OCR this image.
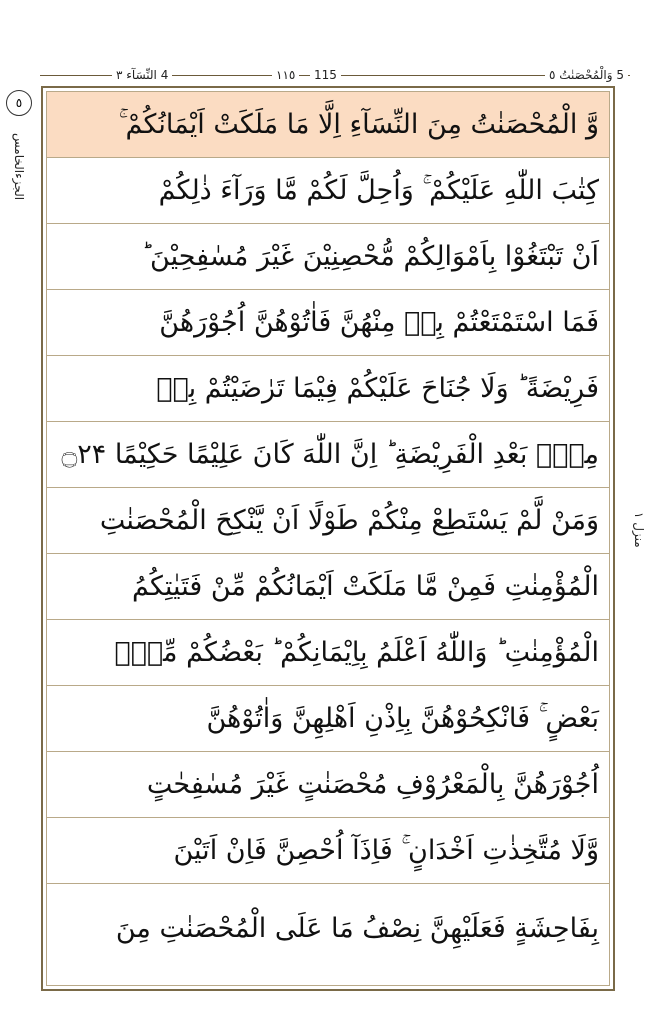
5 وَالْمُحْصَنٰتُ ٥
١١٥	115
4 النِّسَآء ٣
٥
الجزءالخامس
منزل ١
وَّ الْمُحْصَنٰتُ مِنَ النِّسَآءِ اِلَّا مَا مَلَكَتْ اَيْمَانُكُمْ ۚ
كِتٰبَ اللّٰهِ عَلَيْكُمْ ۚ وَاُحِلَّ لَكُمْ مَّا وَرَآءَ ذٰلِكُمْ
اَنْ تَبْتَغُوْا بِاَمْوَالِكُمْ مُّحْصِنِيْنَ غَيْرَ مُسٰفِحِيْنَ ؕ
فَمَا اسْتَمْتَعْتُمْ بِهٖ مِنْهُنَّ فَاٰتُوْهُنَّ اُجُوْرَهُنَّ
فَرِيْضَةً ؕ وَلَا جُنَاحَ عَلَيْكُمْ فِيْمَا تَرٰضَيْتُمْ بِهٖ
مِنْۢ بَعْدِ الْفَرِيْضَةِ ؕ اِنَّ اللّٰهَ كَانَ عَلِيْمًا حَكِيْمًا ۝۲۴
وَمَنْ لَّمْ يَسْتَطِعْ مِنْكُمْ طَوْلًا اَنْ يَّنْكِحَ الْمُحْصَنٰتِ
الْمُؤْمِنٰتِ فَمِنْ مَّا مَلَكَتْ اَيْمَانُكُمْ مِّنْ فَتَيٰتِكُمُ
الْمُؤْمِنٰتِ ؕ وَاللّٰهُ اَعْلَمُ بِاِيْمَانِكُمْ ؕ بَعْضُكُمْ مِّنْۢ
بَعْضٍ ۚ فَانْكِحُوْهُنَّ بِاِذْنِ اَهْلِهِنَّ وَاٰتُوْهُنَّ
اُجُوْرَهُنَّ بِالْمَعْرُوْفِ مُحْصَنٰتٍ غَيْرَ مُسٰفِحٰتٍ
وَّلَا مُتَّخِذٰتِ اَخْدَانٍ ۚ فَاِذَآ اُحْصِنَّ فَاِنْ اَتَيْنَ
بِفَاحِشَةٍ فَعَلَيْهِنَّ نِصْفُ مَا عَلَى الْمُحْصَنٰتِ مِنَ
